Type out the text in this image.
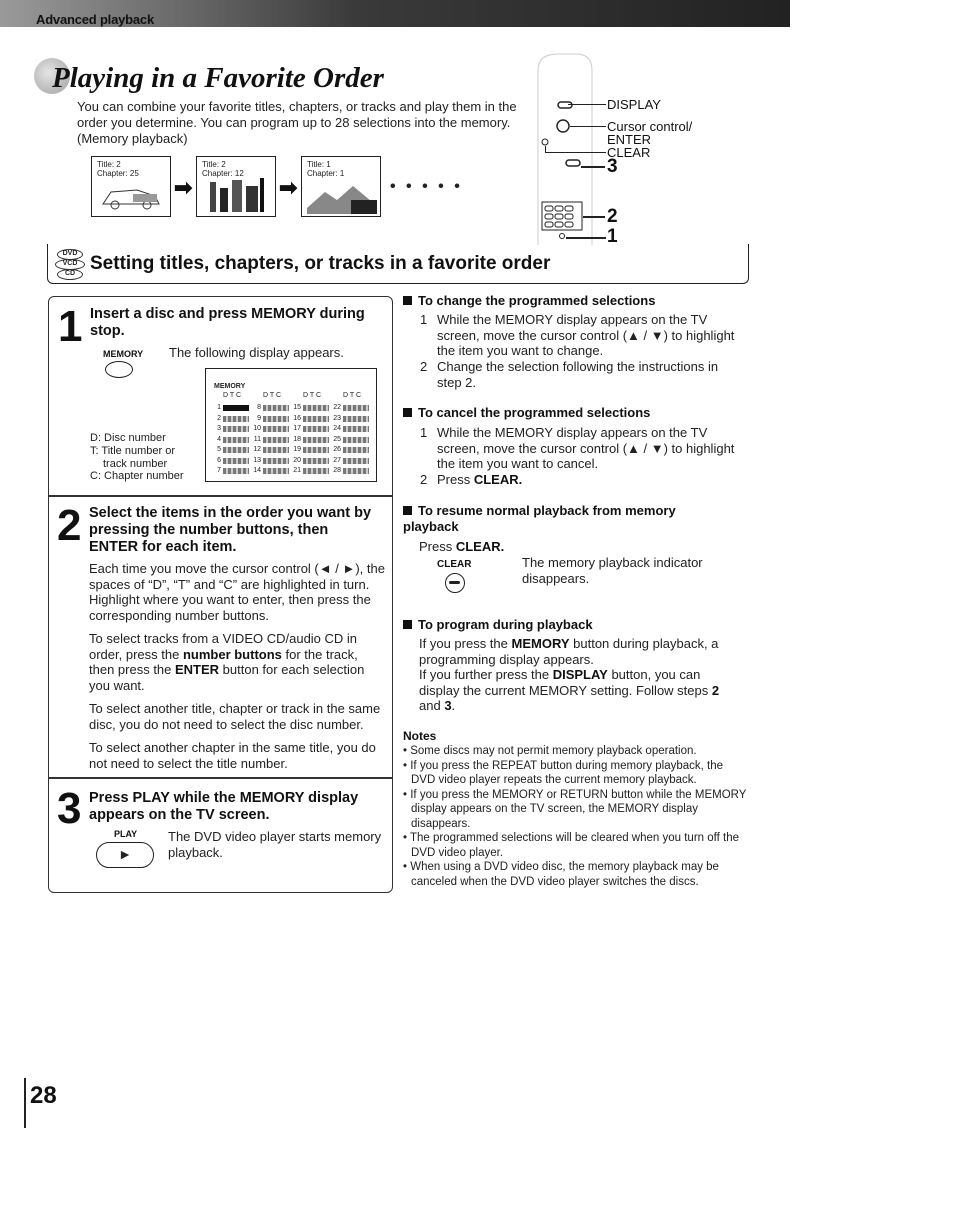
Advanced playback
Playing in a Favorite Order
You can combine your favorite titles, chapters, or tracks and play them in the order you determine. You can program up to 28 selections into the memory. (Memory playback)
Title: 2
Chapter: 25
➡
Title: 2
Chapter: 12
➡
Title: 1
Chapter: 1
• • • • •
DISPLAY
Cursor control/
ENTER
CLEAR
3
2
1
DVD
VCD
CD Setting titles, chapters, or tracks in a favorite order
1 Insert a disc and press MEMORY during stop.
MEMORY The following display appears.
D: Disc number
T: Title number or
track number
C: Chapter number
MEMORY
D T C	D T C	D T C	D T C
1	8	15	22
2	9	16	23
3	10	17	24
4	11	18	25
5	12	19	26
6	13	20	27
7	14	21	28
2 Select the items in the order you want by pressing the number buttons, then ENTER for each item.
Each time you move the cursor control (◄ / ►), the spaces of “D”, “T” and “C” are highlighted in turn. Highlight where you want to enter, then press the corresponding number buttons.
To select tracks from a VIDEO CD/audio CD in order, press the number buttons for the track, then press the ENTER button for each selection you want.
To select another title, chapter or track in the same disc, you do not need to select the disc number.
To select another chapter in the same title, you do not need to select the title number.
3 Press PLAY while the MEMORY display appears on the TV screen.
PLAY
►
The DVD video player starts memory playback.
To change the programmed selections
1 While the MEMORY display appears on the TV screen, move the cursor control (▲ / ▼) to highlight the item you want to change.
2 Change the selection following the instructions in step 2.
To cancel the programmed selections
1 While the MEMORY display appears on the TV screen, move the cursor control (▲ / ▼) to highlight the item you want to cancel.
2 Press CLEAR.
To resume normal playback from memory playback
Press CLEAR.
CLEAR	The memory playback indicator disappears.
To program during playback
If you press the MEMORY button during playback, a programming display appears.
If you further press the DISPLAY button, you can display the current MEMORY setting. Follow steps 2 and 3.
Notes
• Some discs may not permit memory playback operation.
• If you press the REPEAT button during memory playback, the DVD video player repeats the current memory playback.
• If you press the MEMORY or RETURN button while the MEMORY display appears on the TV screen, the MEMORY display disappears.
• The programmed selections will be cleared when you turn off the DVD video player.
• When using a DVD video disc, the memory playback may be canceled when the DVD video player switches the discs.
28
